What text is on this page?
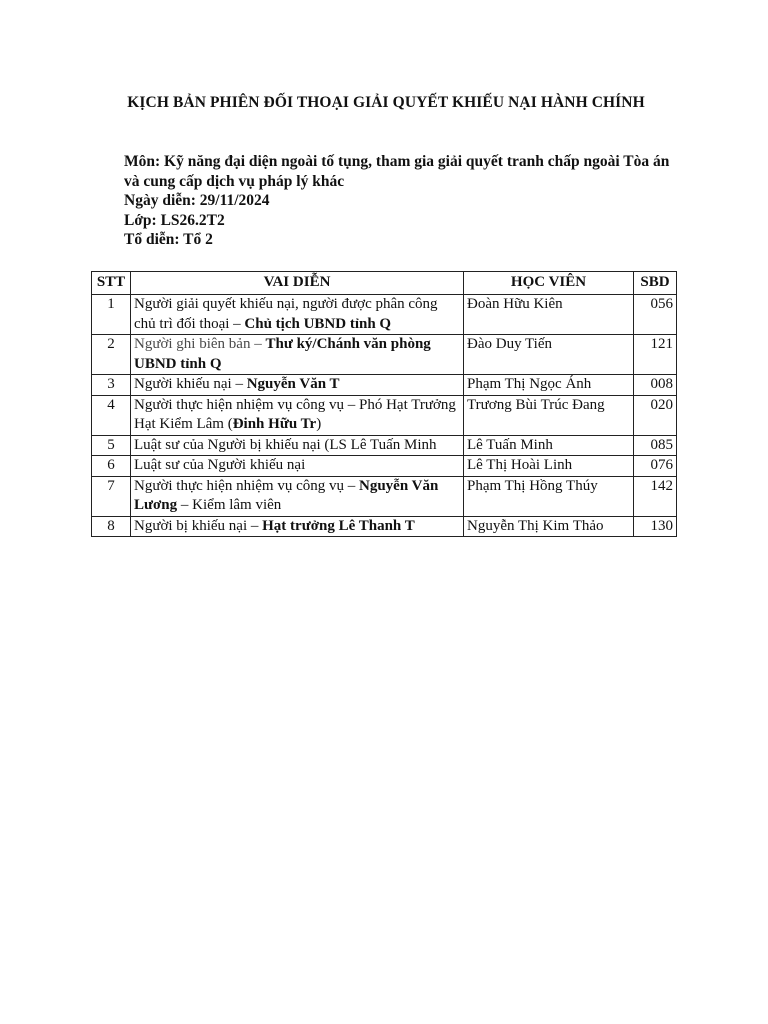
KỊCH BẢN PHIÊN ĐỐI THOẠI GIẢI QUYẾT KHIẾU NẠI HÀNH CHÍNH
Môn: Kỹ năng đại diện ngoài tố tụng, tham gia giải quyết tranh chấp ngoài Tòa án và cung cấp dịch vụ pháp lý khác
Ngày diễn: 29/11/2024
Lớp: LS26.2T2
Tổ diễn: Tổ 2
STT	VAI DIỄN	HỌC VIÊN	SBD
1	Người giải quyết khiếu nại, người được phân công chủ trì đối thoại – Chủ tịch UBND tỉnh Q	Đoàn Hữu Kiên	056
2	Người ghi biên bản – Thư ký/Chánh văn phòng UBND tỉnh Q	Đào Duy Tiến	121
3	Người khiếu nại – Nguyễn Văn T	Phạm Thị Ngọc Ánh	008
4	Người thực hiện nhiệm vụ công vụ – Phó Hạt Trưởng Hạt Kiểm Lâm (Đinh Hữu Tr)	Trương Bùi Trúc Đang	020
5	Luật sư của Người bị khiếu nại (LS Lê Tuấn Minh	Lê Tuấn Minh	085
6	Luật sư của Người khiếu nại	Lê Thị Hoài Linh	076
7	Người thực hiện nhiệm vụ công vụ – Nguyễn Văn Lương – Kiểm lâm viên	Phạm Thị Hồng Thúy	142
8	Người bị khiếu nại – Hạt trưởng Lê Thanh T	Nguyễn Thị Kim Thảo	130
